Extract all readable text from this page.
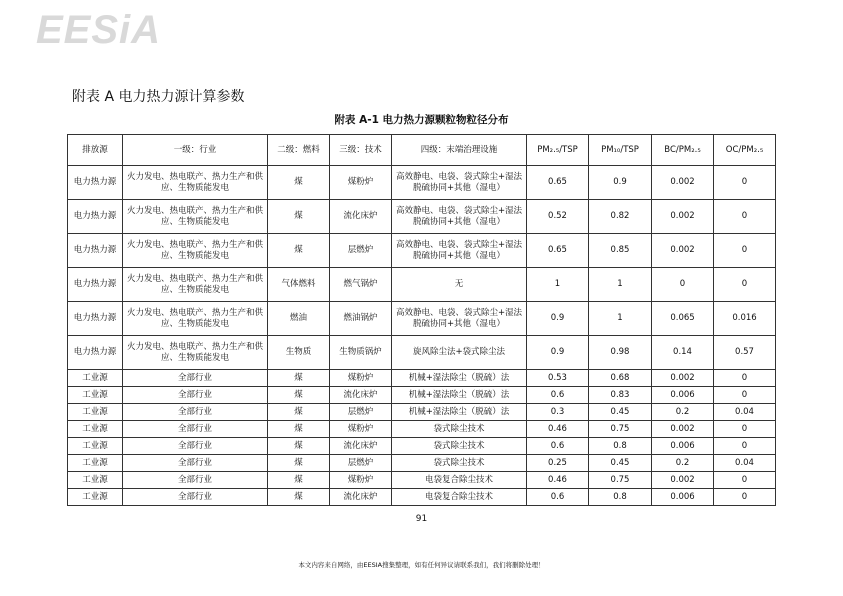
EESiA
附表 A 电力热力源计算参数
附表 A-1 电力热力源颗粒物粒径分布
排放源	一级：行业	二级：燃料	三级：技术	四级：末端治理设施	PM₂.₅/TSP	PM₁₀/TSP	BC/PM₂.₅	OC/PM₂.₅
电力热力源	火力发电、热电联产、热力生产和供应、生物质能发电	煤	煤粉炉	高效静电、电袋、袋式除尘+湿法脱硫协同+其他（湿电）	0.65	0.9	0.002	0
电力热力源	火力发电、热电联产、热力生产和供应、生物质能发电	煤	流化床炉	高效静电、电袋、袋式除尘+湿法脱硫协同+其他（湿电）	0.52	0.82	0.002	0
电力热力源	火力发电、热电联产、热力生产和供应、生物质能发电	煤	层燃炉	高效静电、电袋、袋式除尘+湿法脱硫协同+其他（湿电）	0.65	0.85	0.002	0
电力热力源	火力发电、热电联产、热力生产和供应、生物质能发电	气体燃料	燃气锅炉	无	1	1	0	0
电力热力源	火力发电、热电联产、热力生产和供应、生物质能发电	燃油	燃油锅炉	高效静电、电袋、袋式除尘+湿法脱硫协同+其他（湿电）	0.9	1	0.065	0.016
电力热力源	火力发电、热电联产、热力生产和供应、生物质能发电	生物质	生物质锅炉	旋风除尘法+袋式除尘法	0.9	0.98	0.14	0.57
工业源	全部行业	煤	煤粉炉	机械+湿法除尘（脱硫）法	0.53	0.68	0.002	0
工业源	全部行业	煤	流化床炉	机械+湿法除尘（脱硫）法	0.6	0.83	0.006	0
工业源	全部行业	煤	层燃炉	机械+湿法除尘（脱硫）法	0.3	0.45	0.2	0.04
工业源	全部行业	煤	煤粉炉	袋式除尘技术	0.46	0.75	0.002	0
工业源	全部行业	煤	流化床炉	袋式除尘技术	0.6	0.8	0.006	0
工业源	全部行业	煤	层燃炉	袋式除尘技术	0.25	0.45	0.2	0.04
工业源	全部行业	煤	煤粉炉	电袋复合除尘技术	0.46	0.75	0.002	0
工业源	全部行业	煤	流化床炉	电袋复合除尘技术	0.6	0.8	0.006	0
91
本文内容来自网络，由EESIA搜集整理，如有任何异议请联系我们，我们将删除处理！
